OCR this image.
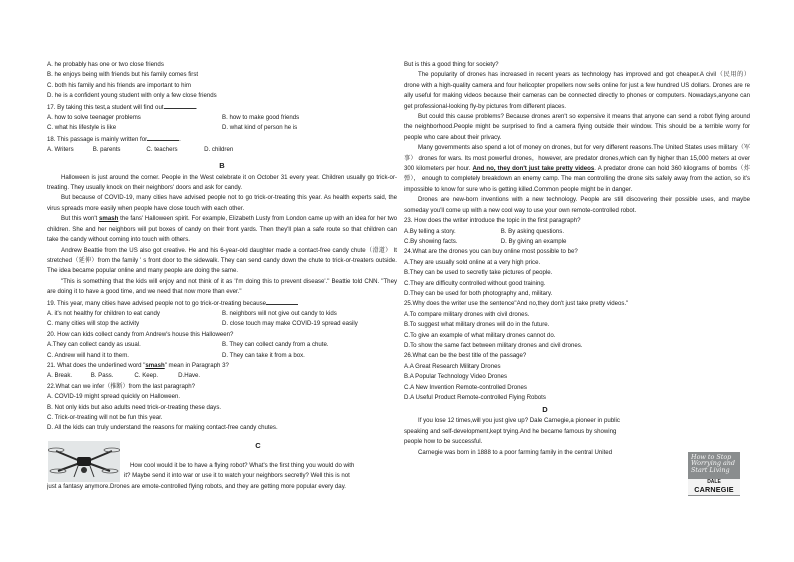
A. he probably has one or two close friends
B. he enjoys being with friends but his family comes first
C. both his family and his friends are important to him
D. he is a confident young student with only a few close friends
17. By taking this test,a student will find out	.
A. how to solve teenager problems	B. how to make good friends
C. what his lifestyle is like	D. what kind of person he is
18. This passage is mainly written for	.
A. Writers	B. parents	C. teachers	D. children
B
Halloween is just around the corner. People in the West celebrate it on October 31 every year. Children usually go trick-or-treating. They usually knock on their neighbors' doors and ask for candy.
But because of COVID-19, many cities have advised people not to go trick-or-treating this year. As health experts said, the virus spreads more easily when people have close touch with each other.
But this won't smash the fans' Halloween spirit. For example, Elizabeth Lusty from London came up with an idea for her two children. She and her neighbors will put boxes of candy on their front yards. Then they'll plan a safe route so that children can take the candy without coming into touch with others.
Andrew Beattie from the US also got creative. He and his 6-year-old daughter made a contact-free candy chute（滑道） It stretched（延伸）from the family ' s front door to the sidewalk. They can send candy down the chute to trick-or-treaters outside. The idea became popular online and many people are doing the same.
"This is something that the kids will enjoy and not think of it as 'I'm doing this to prevent disease'." Beattie told CNN. "They are doing it to have a good time, and we need that now more than ever."
19. This year, many cities have advised people not to go trick-or-treating because
A. it's not healthy for children to eat candy	B. neighbors will not give out candy to kids
C. many cities will stop the activity	D. close touch may make COVID-19 spread easily
20. How can kids collect candy from Andrew's house this Halloween?
A.They can collect candy as usual.	B. They can collect candy from a chute.
C. Andrew will hand it to them.	D. They can take it from a box.
21. What does the underlined word "smash" mean in Paragraph 3?
A. Break.	B. Pass.	C. Keep.	D.Have.
22.What can we infer（推断）from the last paragraph?
A. COVID-19 might spread quickly on Halloween.
B. Not only kids but also adults need trick-or-treating these days.
C. Trick-or-treating will not be fun this year.
D. All the kids can truly understand the reasons for making contact-free candy chutes.
C
How cool would it be to have a flying robot? What's the first thing you would do with
it? Maybe send it into war or use it to watch your neighbors secretly? Well this is not
just a fantasy anymore.Drones are emote-controlled flying robots, and they are getting more popular every day.
But is this a good thing for society?
The popularity of drones has increased in recent years as technology has improved and got cheaper.A civil（民用的） drone with a high-quality camera and four helicopter propellers now sells online for just a few hundred US dollars. Drones are re ally useful for making videos because their cameras can be connected directly to phones or computers. Nowadays,anyone can get professional-looking fly-by pictures from different places.
But could this cause problems? Because drones aren't so expensive it means that anyone can send a robot flying around the neighborhood.People might be surprised to find a camera flying outside their window. This should be a terrible worry for people who care about their privacy.
Many governments also spend a lot of money on drones, but for very different reasons.The United States uses military（军事） drones for wars. Its most powerful drones，however, are predator drones,which can fly higher than 15,000 meters at over 300 kilometers per hour. And no, they don't just take pretty videos. A predator drone can hold 360 kilograms of bombs（炸弹）， enough to completely breakdown an enemy camp. The man controlling the drone sits safely away from the action, so it's impossible to know for sure who is getting killed.Common people might be in danger.
Drones are new-born inventions with a new technology. People are still discovering their possible uses, and maybe someday you'll come up with a new cool way to use your own remote-controlled robot.
23. How does the writer introduce the topic in the first paragraph?
A.By telling a story.	B. By asking questions.
C.By showing facts.	D. By giving an example
24.What are the drones you can buy online most possible to be?
A.They are usually sold online at a very high price.
B.They can be used to secretly take pictures of people.
C.They are difficulty controlled without good training.
D.They can be used for both photography and, military.
25.Why does the writer use the sentence"And no,they don't just take pretty videos."
A.To compare military drones with civil drones.
B.To suggest what military drones will do in the future.
C.To give an example of what military drones cannot do.
D.To show the same fact between military drones and civil drones.
26.What can be the best title of the passage?
A.A Great Research Military Drones
B.A Popular Technology Video Drones
C.A New Invention Remote-controlled Drones
D.A Useful Product Remote-controlled Flying Robots
D
If you lose 12 times,will you just give up? Dale Carnegie,a pioneer in public
speaking and self-development,kept trying.And he became famous by showing
people how to be successful.
Carnegie was born in 1888 to a poor farming family in the central United
How to Stop Worrying and Start Living
DALE
CARNEGIE
